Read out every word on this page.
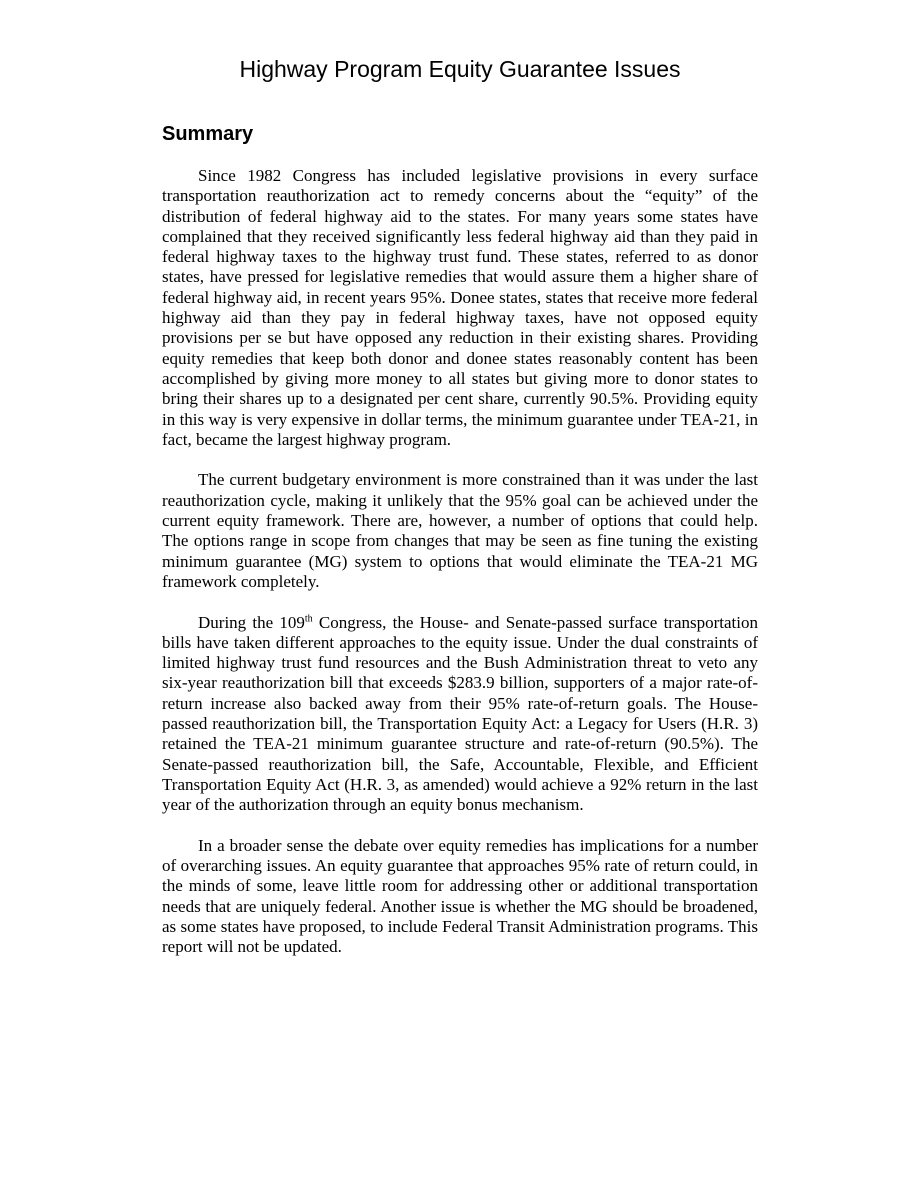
Highway Program Equity Guarantee Issues
Summary

Since 1982 Congress has included legislative provisions in every surface transportation reauthorization act to remedy concerns about the “equity” of the distribution of federal highway aid to the states. For many years some states have complained that they received significantly less federal highway aid than they paid in federal highway taxes to the highway trust fund. These states, referred to as donor states, have pressed for legislative remedies that would assure them a higher share of federal highway aid, in recent years 95%. Donee states, states that receive more federal highway aid than they pay in federal highway taxes, have not opposed equity provisions per se but have opposed any reduction in their existing shares. Providing equity remedies that keep both donor and donee states reasonably content has been accomplished by giving more money to all states but giving more to donor states to bring their shares up to a designated per cent share, currently 90.5%. Providing equity in this way is very expensive in dollar terms, the minimum guarantee under TEA-21, in fact, became the largest highway program.

The current budgetary environment is more constrained than it was under the last reauthorization cycle, making it unlikely that the 95% goal can be achieved under the current equity framework. There are, however, a number of options that could help. The options range in scope from changes that may be seen as fine tuning the existing minimum guarantee (MG) system to options that would eliminate the TEA-21 MG framework completely.

During the 109th Congress, the House- and Senate-passed surface transportation bills have taken different approaches to the equity issue. Under the dual constraints of limited highway trust fund resources and the Bush Administration threat to veto any six-year reauthorization bill that exceeds $283.9 billion, supporters of a major rate-of-return increase also backed away from their 95% rate-of-return goals. The House-passed reauthorization bill, the Transportation Equity Act: a Legacy for Users (H.R. 3) retained the TEA-21 minimum guarantee structure and rate-of-return (90.5%). The Senate-passed reauthorization bill, the Safe, Accountable, Flexible, and Efficient Transportation Equity Act (H.R. 3, as amended) would achieve a 92% return in the last year of the authorization through an equity bonus mechanism.

In a broader sense the debate over equity remedies has implications for a number of overarching issues. An equity guarantee that approaches 95% rate of return could, in the minds of some, leave little room for addressing other or additional transportation needs that are uniquely federal. Another issue is whether the MG should be broadened, as some states have proposed, to include Federal Transit Administration programs. This report will not be updated.
